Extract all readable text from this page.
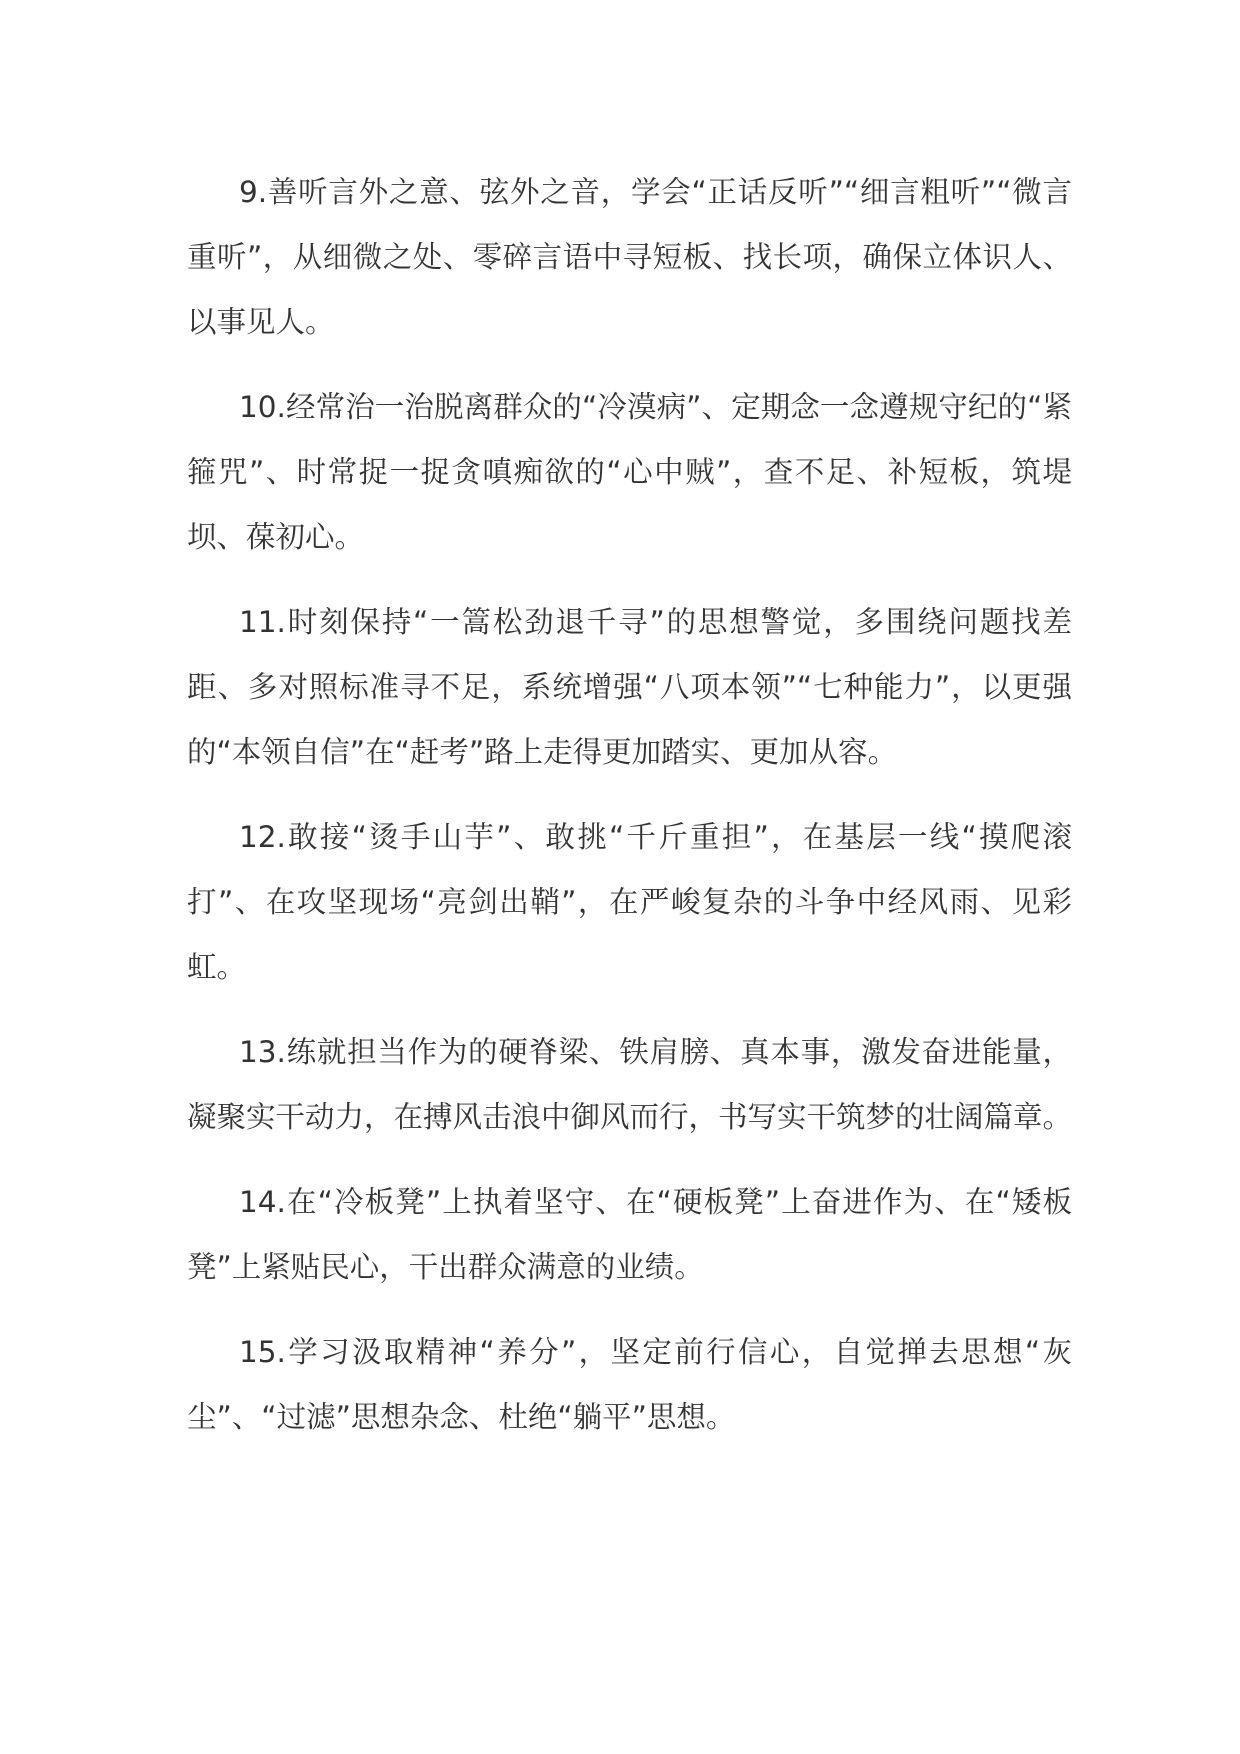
9.善听言外之意、弦外之音，学会“正话反听”“细言粗听”“微言重听”，从细微之处、零碎言语中寻短板、找长项，确保立体识人、以事见人。

10.经常治一治脱离群众的“冷漠病”、定期念一念遵规守纪的“紧箍咒”、时常捉一捉贪嗔痴欲的“心中贼”，查不足、补短板，筑堤坝、葆初心。

11.时刻保持“一篙松劲退千寻”的思想警觉，多围绕问题找差距、多对照标准寻不足，系统增强“八项本领”“七种能力”，以更强的“本领自信”在“赶考”路上走得更加踏实、更加从容。

12.敢接“烫手山芋”、敢挑“千斤重担”，在基层一线“摸爬滚打”、在攻坚现场“亮剑出鞘”，在严峻复杂的斗争中经风雨、见彩虹。

13.练就担当作为的硬脊梁、铁肩膀、真本事，激发奋进能量，凝聚实干动力，在搏风击浪中御风而行，书写实干筑梦的壮阔篇章。

14.在“冷板凳”上执着坚守、在“硬板凳”上奋进作为、在“矮板凳”上紧贴民心，干出群众满意的业绩。

15.学习汲取精神“养分”，坚定前行信心，自觉掸去思想“灰尘”、“过滤”思想杂念、杜绝“躺平”思想。
